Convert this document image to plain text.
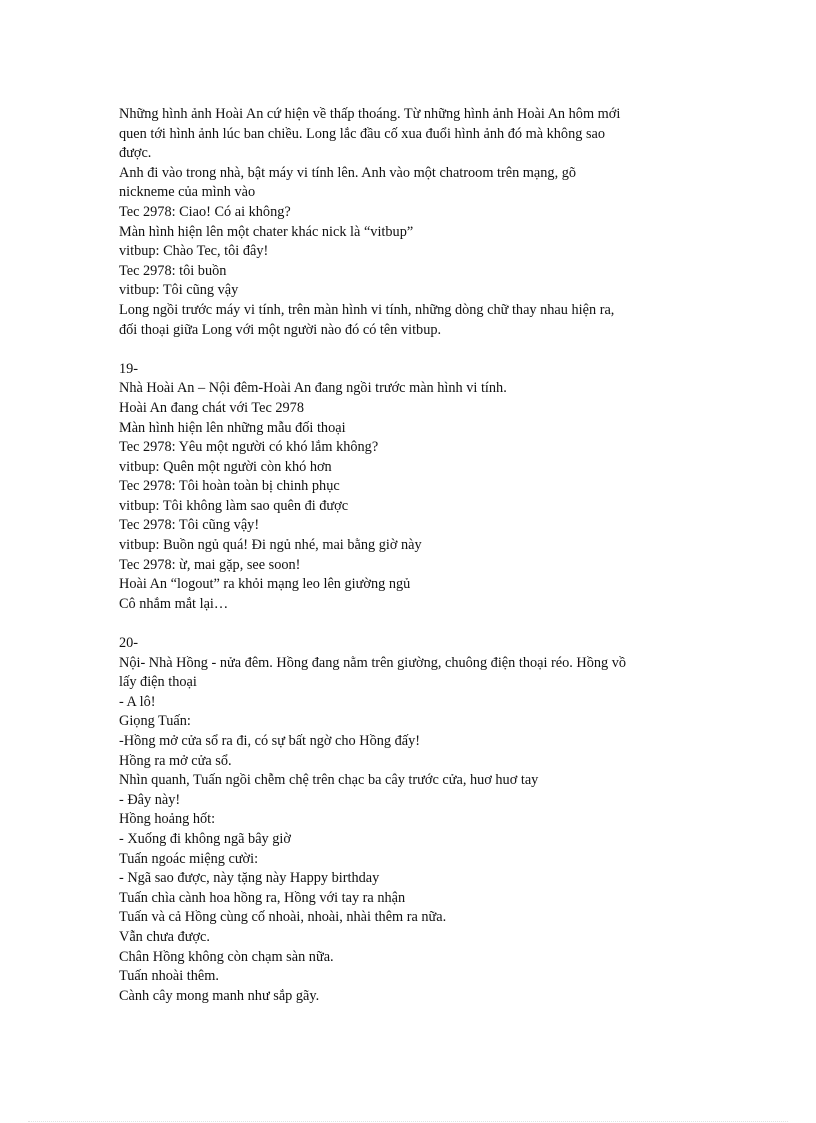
Những hình ảnh Hoài An cứ hiện về thấp thoáng. Từ những hình ảnh Hoài An hôm mới
quen tới hình ảnh lúc ban chiều. Long lắc đầu cố xua đuổi hình ảnh đó mà không sao
được.
Anh đi vào trong nhà, bật máy vi tính lên. Anh vào một chatroom trên mạng, gõ
nickneme của mình vào
Tec 2978: Ciao! Có ai không?
Màn hình hiện lên một chater khác nick là “vitbup”
vitbup: Chào Tec, tôi đây!
Tec 2978: tôi buồn
vitbup: Tôi cũng vậy
Long ngồi trước máy vi tính, trên màn hình vi tính, những dòng chữ thay nhau hiện ra,
đối thoại giữa Long với một người nào đó có tên vitbup.
19-
Nhà Hoài An – Nội đêm-Hoài An đang ngồi trước màn hình vi tính.
Hoài An đang chát với Tec 2978
Màn hình hiện lên những mẫu đối thoại
Tec 2978: Yêu một người có khó lắm không?
vitbup: Quên một người còn khó hơn
Tec 2978: Tôi hoàn toàn bị chinh phục
vitbup: Tôi không làm sao quên đi được
Tec 2978: Tôi cũng vậy!
vitbup: Buồn ngủ quá! Đi ngủ nhé, mai bằng giờ này
Tec 2978: ừ, mai gặp, see soon!
Hoài An “logout” ra khỏi mạng leo lên giường ngủ
Cô nhắm mắt lại…
20-
Nội- Nhà Hồng - nửa đêm. Hồng đang nằm trên giường, chuông điện thoại réo. Hồng vồ
lấy điện thoại
- A lô!
Giọng Tuấn:
-Hồng mở cửa sổ ra đi, có sự bất ngờ cho Hồng đấy!
Hồng ra mở cửa sổ.
Nhìn quanh, Tuấn ngồi chễm chệ trên chạc ba cây trước cửa, huơ huơ tay
- Đây này!
Hồng hoảng hốt:
- Xuống đi không ngã bây giờ
Tuấn ngoác miệng cười:
- Ngã sao được, này tặng này Happy birthday
Tuấn chìa cành hoa hồng ra, Hồng với tay ra nhận
Tuấn và cả Hồng cùng cố nhoài, nhoài, nhài thêm ra nữa.
Vẫn chưa được.
Chân Hồng không còn chạm sàn nữa.
Tuấn nhoài thêm.
Cành cây mong manh như sắp gãy.
